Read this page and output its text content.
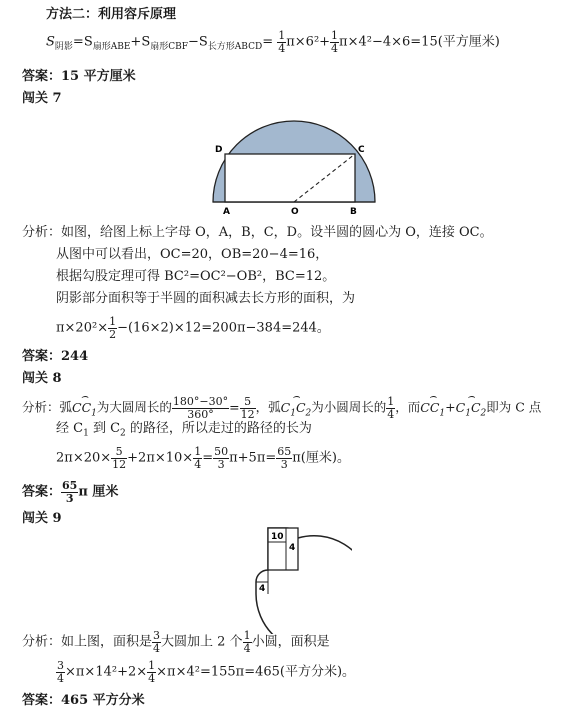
方法二：利用容斥原理
$S_{阴影}=S_{扇形ABE}+S_{扇形CBF}-S_{长方形ABCD}= \frac{1}{4} \pi\times 6^2+ \frac{1}{4} \pi\times 4^2-4\times 6=15$(平方厘米)
答案：15 平方厘米
闯关 7
D	C
A	O	B
分析：如图，给图上标上字母 O，A，B，C，D。设半圆的圆心为 O，连接 OC。
从图中可以看出，OC=20，OB=20−4=16，
根据勾股定理可得 BC²=OC²−OB²，BC=12。
阴影部分面积等于半圆的面积减去长方形的面积，为
$\pi\times 20^2\times \frac{1}{2} -(16\times 2)\times 12=200\pi-384=244$。
答案：244
闯关 8
分析：弧⌢ $CC_1$为大圆周长的 $\frac{180^\circ-30^\circ}{360^\circ} = \frac{5}{12}$ ，弧⌢ $C_1C_2$为小圆周长的 $\frac{1}{4}$ ，而⌢ $CC_1+⌢$ $C_1C_2$即为 C 点
经 $C_1$ 到 $C_2$ 的路径，所以走过的路径的长为
$2\pi\times 20\times \frac{5}{12} +2\pi\times 10\times \frac{1}{4} = \frac{50}{3} \pi+5\pi= \frac{65}{3} \pi$(厘米)。
答案： $\frac{65}{3}$ π 厘米
闯关 9
10
4
4
分析：如上图，面积是 $\frac{3}{4}$ 大圆加上 2 个 $\frac{1}{4}$ 小圆，面积是
$\frac{3}{4} \times\pi\times 14^2+2\times \frac{1}{4} \times\pi\times 4^2=155\pi=465$(平方分米)。
答案：465 平方分米
